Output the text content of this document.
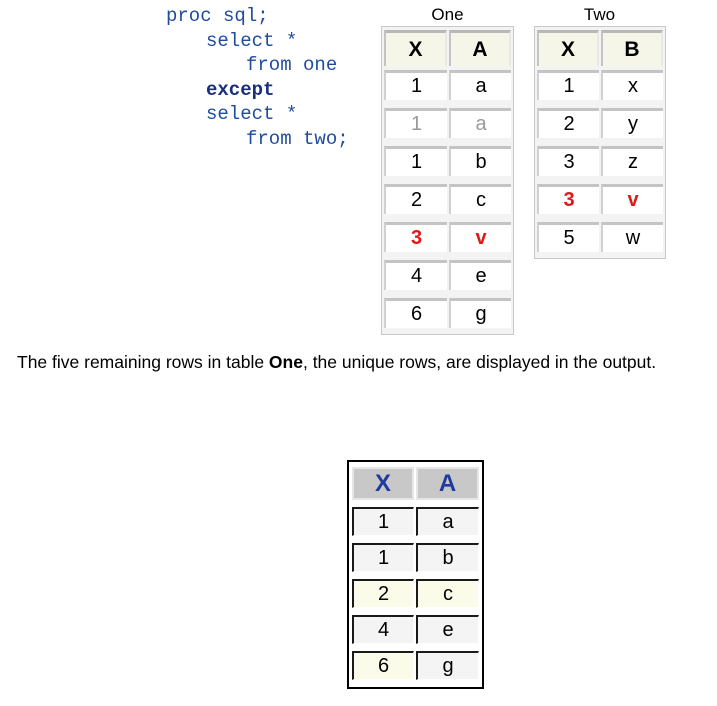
proc sql;
select *
from one
except
select *
from two;
One
X	A
1	a
1	a
1	b
2	c
3	v
4	e
6	g
Two
X	B
1	x
2	y
3	z
3	v
5	w
The five remaining rows in table One, the unique rows, are displayed in the output.
X	A
1	a
1	b
2	c
4	e
6	g
